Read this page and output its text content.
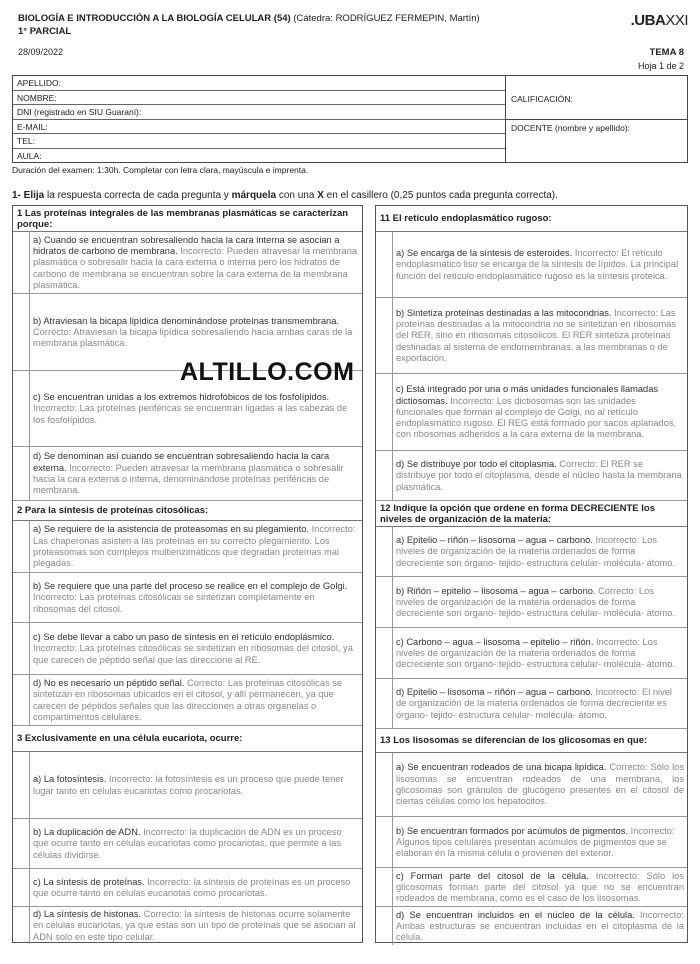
BIOLOGÍA E INTRODUCCIÓN A LA BIOLOGÍA CELULAR (54) (Cátedra: RODRÍGUEZ FERMEPIN, Martín)
1° PARCIAL
28/09/2022
.UBAXXI
TEMA 8
Hoja 1 de 2
APELLIDO:
NOMBRE:
DNI (registrado en SIU Guaraní):
E-MAIL:
TEL:
AULA:
CALIFICACIÓN:
DOCENTE (nombre y apellido):
Duración del examen: 1:30h. Completar con letra clara, mayúscula e imprenta.
1- Elija la respuesta correcta de cada pregunta y márquela con una X en el casillero (0,25 puntos cada pregunta correcta).
1 Las proteínas integrales de las membranas plasmáticas se caracterizan porque:
a) Cuando se encuentran sobresaliendo hacia la cara interna se asocian a hidratos de carbono de membrana. Incorrecto: Pueden atravesar la membrana plasmática o sobresalir hacia la cara externa o interna pero los hidratos de carbono de membrana se encuentran sobre la cara externa de la membrana plasmática.
b) Atraviesan la bicapa lipídica denominándose proteínas transmembrana. Correcto: Atraviesan la bicapa lipídica sobresaliendo hacia ambas caras de la membrana plasmática.
c) Se encuentran unidas a los extremos hidrofóbicos de los fosfolípidos. Incorrecto: Las proteínas periféricas se encuentran ligadas a las cabezas de los fosfolípidos.
d) Se denominan así cuando se encuentran sobresaliendo hacia la cara externa. Incorrecto: Pueden atravesar la membrana plasmática o sobresalir hacia la cara externa o interna, denominándose proteínas periféricas de membrana.
2 Para la síntesis de proteínas citosólicas:
a) Se requiere de la asistencia de proteasomas en su plegamiento. Incorrecto: Las chaperonas asisten a las proteínas en su correcto plegamiento. Los proteasomas son complejos multienzimáticos que degradan proteínas mal plegadas.
b) Se requiere que una parte del proceso se realice en el complejo de Golgi. Incorrecto: Las proteínas citosólicas se sintetizan completamente en ribosomas del citosol.
c) Se debe llevar a cabo un paso de síntesis en el retículo endoplásmico. Incorrecto: Las proteínas citosólicas se sintetizan en ribosomas del citosol, ya que carecen de péptido señal que las direccione al RE.
d) No es necesario un péptido señal. Correcto: Las proteínas citosólicas se sintetizan en ribosomas ubicados en el citosol, y allí permanecen, ya que carecen de péptidos señales que las direccionen a otras organelas o compartimentos celulares.
3 Exclusivamente en una célula eucariota, ocurre:
a) La fotosíntesis. Incorrecto: la fotosíntesis es un proceso que puede tener lugar tanto en células eucariotas como procariotas.
b) La duplicación de ADN. Incorrecto: la duplicación de ADN es un proceso que ocurre tanto en células eucariotas como procariotas, que permite a las células dividirse.
c) La síntesis de proteínas. Incorrecto: la síntesis de proteínas es un proceso que ocurre tanto en células eucariotas como procariotas.
d) La síntesis de histonas. Correcto: la síntesis de histonas ocurre solamente en células eucariotas, ya que estas son un tipo de proteínas que se asocian al ADN solo en este tipo celular.
11 El retículo endoplasmático rugoso:
a) Se encarga de la síntesis de esteroides. Incorrecto: El retículo endoplasmático liso se encarga de la síntesis de lípidos. La principal función del retículo endoplasmático rugoso es la síntesis proteica.
b) Sintetiza proteínas destinadas a las mitocondrias. Incorrecto: Las proteínas destinadas a la mitocondria no se sintetizan en ribosomas del RER, sino en ribosomas citosólicos. El RER sintetiza proteínas destinadas al sistema de endomembranas, a las membranas o de exportación.
c) Está integrado por una o más unidades funcionales llamadas dictiosomas. Incorrecto: Los dictiosomas son las unidades funcionales que forman al complejo de Golgi, no al retículo endoplasmático rugoso. El REG está formado por sacos aplanados, con ribosomas adheridos a la cara externa de la membrana.
d) Se distribuye por todo el citoplasma. Correcto: El RER se distribuye por todo el citoplasma, desde el núcleo hasta la membrana plasmática.
12 Indique la opción que ordene en forma DECRECIENTE los niveles de organización de la materia:
a) Epitelio – riñón – lisosoma – agua – carbono. Incorrecto: Los niveles de organización de la materia ordenados de forma decreciente son órgano- tejido- estructura celular- molécula- átomo.
b) Riñón – epitelio – lisosoma – agua – carbono. Correcto: Los niveles de organización de la materia ordenados de forma decreciente son órgano- tejido- estructura celular- molécula- átomo.
c) Carbono – agua – lisosoma – epitelio – riñón. Incorrecto: Los niveles de organización de la materia ordenados de forma decreciente son órgano- tejido- estructura celular- molécula- átomo.
d) Epitelio – lisosoma – riñón – agua – carbono. Incorrecto: El nivel de organización de la materia ordenados de forma decreciente es órgano- tejido- estructura celular- molécula- átomo.
13 Los lisosomas se diferencian de los glicosomas en que:
a) Se encuentran rodeados de una bicapa lipídica. Correcto: Sólo los lisosomas se encuentran rodeados de una membrana, los glicosomas son gránulos de glucógeno presentes en el citosol de ciertas células como los hepatocitos.
b) Se encuentran formados por acúmulos de pigmentos. Incorrecto: Algunos tipos celulares presentan acúmulos de pigmentos que se elaboran en la misma célula o provienen del exterior.
c) Forman parte del citosol de la célula. Incorrecto: Sólo los glicosomas forman parte del citosol ya que no se encuentran rodeados de membrana, como es el caso de los lisosomas.
d) Se encuentran incluidos en el núcleo de la célula. Incorrecto: Ambas estructuras se encuentran incluidas en el citoplasma de la célula.
ALTILLO.COM
